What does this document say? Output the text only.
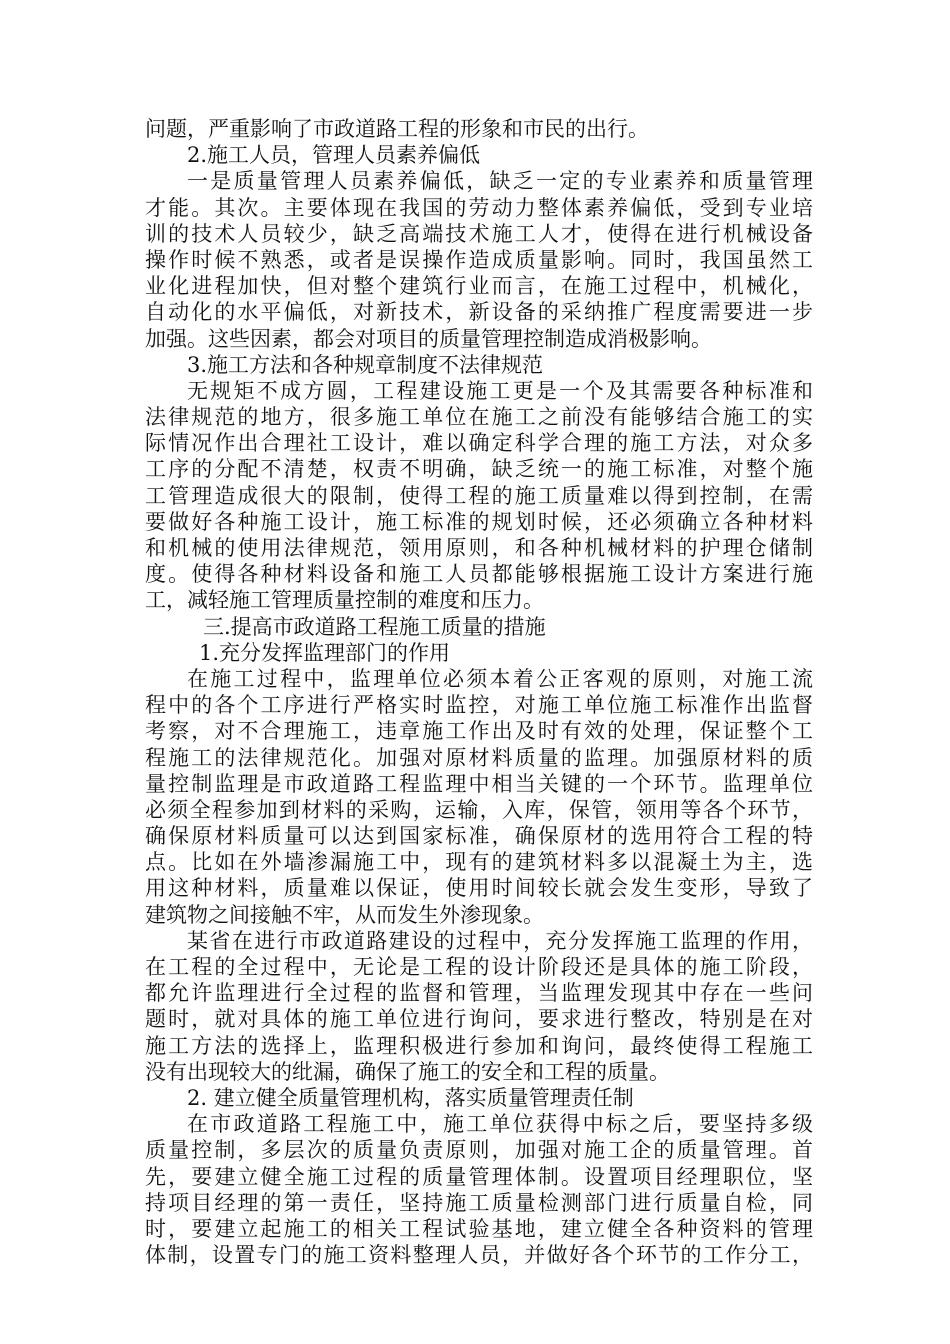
问题，严重影响了市政道路工程的形象和市民的出行。
2.施工人员，管理人员素养偏低
一是质量管理人员素养偏低，缺乏一定的专业素养和质量管理
才能。其次。主要体现在我国的劳动力整体素养偏低，受到专业培
训的技术人员较少，缺乏高端技术施工人才，使得在进行机械设备
操作时候不熟悉，或者是误操作造成质量影响。同时，我国虽然工
业化进程加快，但对整个建筑行业而言，在施工过程中，机械化，
自动化的水平偏低，对新技术，新设备的采纳推广程度需要进一步
加强。这些因素，都会对项目的质量管理控制造成消极影响。
3.施工方法和各种规章制度不法律规范
无规矩不成方圆，工程建设施工更是一个及其需要各种标准和
法律规范的地方，很多施工单位在施工之前没有能够结合施工的实
际情况作出合理社工设计，难以确定科学合理的施工方法，对众多
工序的分配不清楚，权责不明确，缺乏统一的施工标准，对整个施
工管理造成很大的限制，使得工程的施工质量难以得到控制，在需
要做好各种施工设计，施工标准的规划时候，还必须确立各种材料
和机械的使用法律规范，领用原则，和各种机械材料的护理仓储制
度。使得各种材料设备和施工人员都能够根据施工设计方案进行施
工，减轻施工管理质量控制的难度和压力。
三.提高市政道路工程施工质量的措施
1.充分发挥监理部门的作用
在施工过程中，监理单位必须本着公正客观的原则，对施工流
程中的各个工序进行严格实时监控，对施工单位施工标准作出监督
考察，对不合理施工，违章施工作出及时有效的处理，保证整个工
程施工的法律规范化。加强对原材料质量的监理。加强原材料的质
量控制监理是市政道路工程监理中相当关键的一个环节。监理单位
必须全程参加到材料的采购，运输，入库，保管，领用等各个环节，
确保原材料质量可以达到国家标准，确保原材的选用符合工程的特
点。比如在外墙渗漏施工中，现有的建筑材料多以混凝土为主，选
用这种材料，质量难以保证，使用时间较长就会发生变形，导致了
建筑物之间接触不牢，从而发生外渗现象。
某省在进行市政道路建设的过程中，充分发挥施工监理的作用，
在工程的全过程中，无论是工程的设计阶段还是具体的施工阶段，
都允许监理进行全过程的监督和管理，当监理发现其中存在一些问
题时，就对具体的施工单位进行询问，要求进行整改，特别是在对
施工方法的选择上，监理积极进行参加和询问，最终使得工程施工
没有出现较大的纰漏，确保了施工的安全和工程的质量。
2. 建立健全质量管理机构，落实质量管理责任制
在市政道路工程施工中，施工单位获得中标之后，要坚持多级
质量控制，多层次的质量负责原则，加强对施工企的质量管理。首
先，要建立健全施工过程的质量管理体制。设置项目经理职位，坚
持项目经理的第一责任，坚持施工质量检测部门进行质量自检，同
时，要建立起施工的相关工程试验基地，建立健全各种资料的管理
体制，设置专门的施工资料整理人员，并做好各个环节的工作分工，
